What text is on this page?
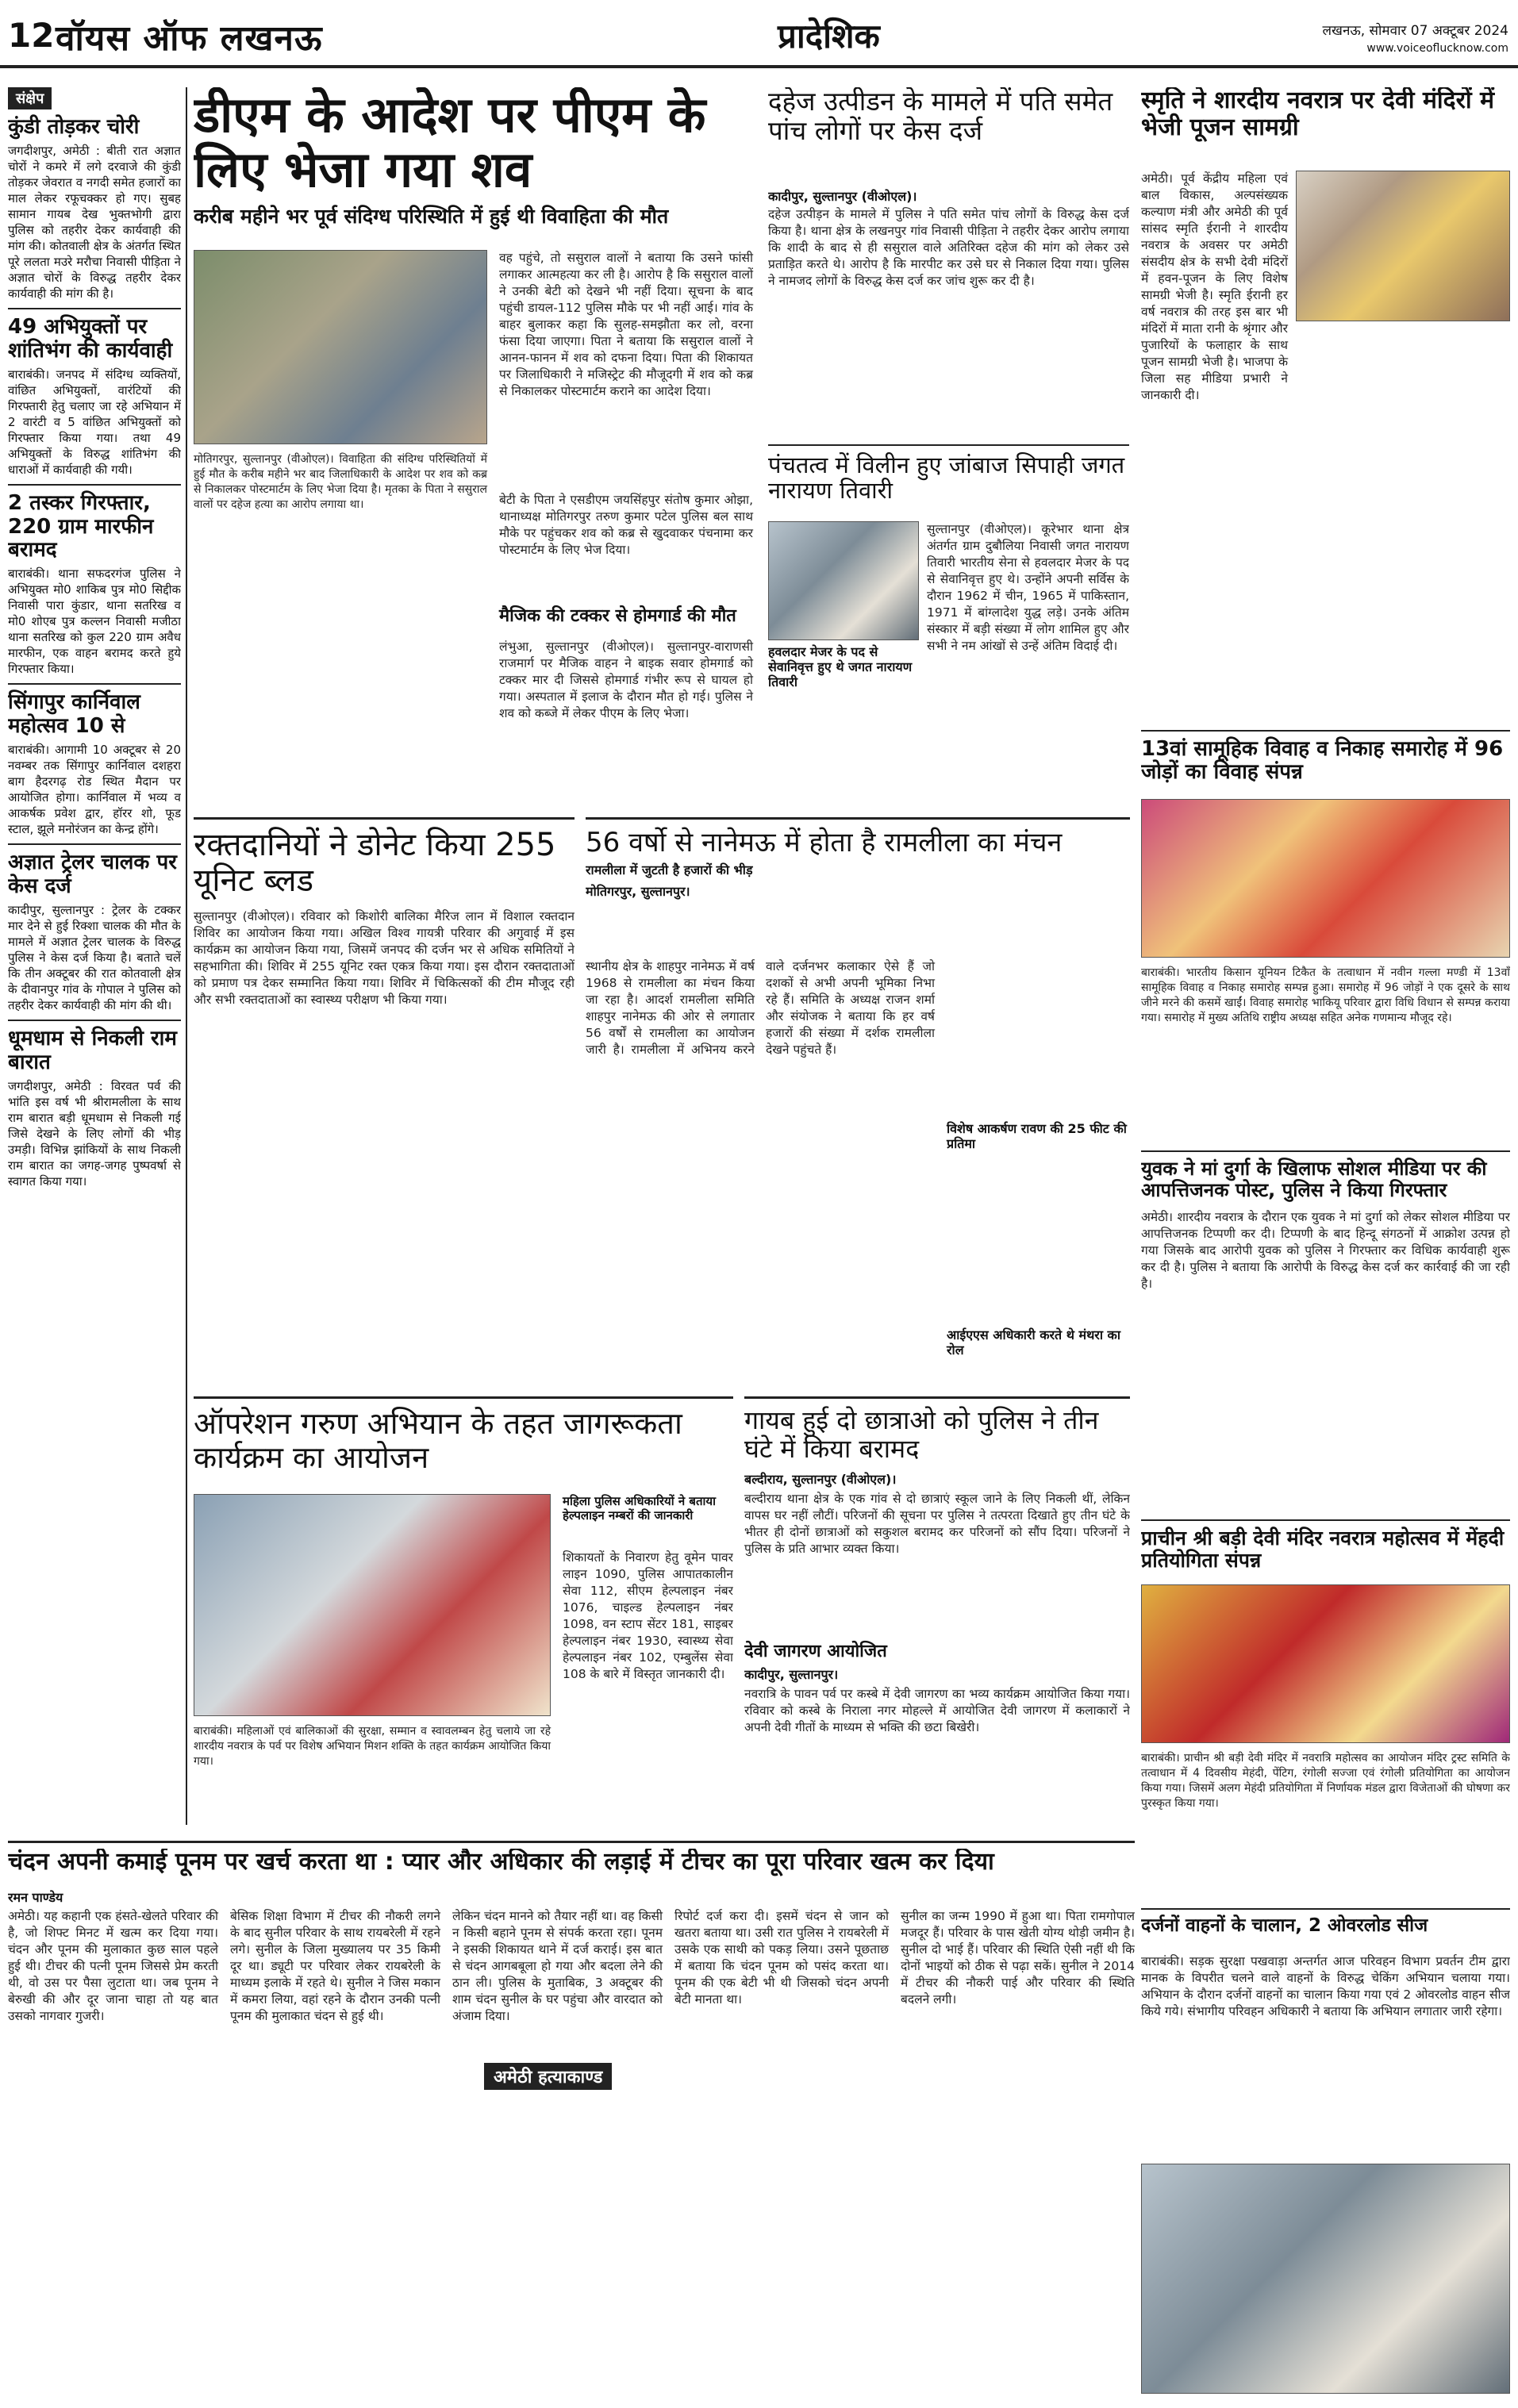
12 वॉयस ऑफ लखनऊ	प्रादेशिक	लखनऊ, सोमवार 07 अक्टूबर 2024
www.voiceoflucknow.com
संक्षेप
कुंडी तोड़कर चोरी
जगदीशपुर, अमेठी : बीती रात अज्ञात चोरों ने कमरे में लगे दरवाजे की कुंडी तोड़कर जेवरात व नगदी समेत हजारों का माल लेकर रफूचक्कर हो गए। सुबह सामान गायब देख भुक्तभोगी द्वारा पुलिस को तहरीर देकर कार्यवाही की मांग की। कोतवाली क्षेत्र के अंतर्गत स्थित पूरे ललता मउरे मरौचा निवासी पीड़िता ने अज्ञात चोरों के विरुद्ध तहरीर देकर कार्यवाही की मांग की है।
49 अभियुक्तों पर शांतिभंग की कार्यवाही
बाराबंकी। जनपद में संदिग्ध व्यक्तियों, वांछित अभियुक्तों, वारंटियों की गिरफ्तारी हेतु चलाए जा रहे अभियान में 2 वारंटी व 5 वांछित अभियुक्तों को गिरफ्तार किया गया। तथा 49 अभियुक्तों के विरुद्ध शांतिभंग की धाराओं में कार्यवाही की गयी।
2 तस्कर गिरफ्तार, 220 ग्राम मारफीन बरामद
बाराबंकी। थाना सफदरगंज पुलिस ने अभियुक्त मो0 शाकिब पुत्र मो0 सिद्दीक निवासी पारा कुंडार, थाना सतरिख व मो0 शोएब पुत्र कल्लन निवासी मजीठा थाना सतरिख को कुल 220 ग्राम अवैध मारफीन, एक वाहन बरामद करते हुये गिरफ्तार किया।
सिंगापुर कार्निवाल महोत्सव 10 से
बाराबंकी। आगामी 10 अक्टूबर से 20 नवम्बर तक सिंगापुर कार्निवाल दशहरा बाग हैदरगढ़ रोड स्थित मैदान पर आयोजित होगा। कार्निवाल में भव्य व आकर्षक प्रवेश द्वार, हॉरर शो, फूड स्टाल, झूले मनोरंजन का केन्द्र होंगे।
अज्ञात ट्रेलर चालक पर केस दर्ज
कादीपुर, सुल्तानपुर : ट्रेलर के टक्कर मार देने से हुई रिक्शा चालक की मौत के मामले में अज्ञात ट्रेलर चालक के विरुद्ध पुलिस ने केस दर्ज किया है। बताते चलें कि तीन अक्टूबर की रात कोतवाली क्षेत्र के दीवानपुर गांव के गोपाल ने पुलिस को तहरीर देकर कार्यवाही की मांग की थी।
धूमधाम से निकली राम बारात
जगदीशपुर, अमेठी : विरवत पर्व की भांति इस वर्ष भी श्रीरामलीला के साथ राम बारात बड़ी धूमधाम से निकली गई जिसे देखने के लिए लोगों की भीड़ उमड़ी। विभिन्न झांकियों के साथ निकली राम बारात का जगह-जगह पुष्पवर्षा से स्वागत किया गया।
डीएम के आदेश पर पीएम के लिए भेजा गया शव
करीब महीने भर पूर्व संदिग्ध परिस्थिति में हुई थी विवाहिता की मौत
मोतिगरपुर, सुल्तानपुर (वीओएल)। विवाहिता की संदिग्ध परिस्थितियों में हुई मौत के करीब महीने भर बाद जिलाधिकारी के आदेश पर शव को कब्र से निकालकर पोस्टमार्टम के लिए भेजा दिया है। मृतका के पिता ने ससुराल वालों पर दहेज हत्या का आरोप लगाया था।
वह पहुंचे, तो ससुराल वालों ने बताया कि उसने फांसी लगाकर आत्महत्या कर ली है। आरोप है कि ससुराल वालों ने उनकी बेटी को देखने भी नहीं दिया। सूचना के बाद पहुंची डायल-112 पुलिस मौके पर भी नहीं आई। गांव के बाहर बुलाकर कहा कि सुलह-समझौता कर लो, वरना फंसा दिया जाएगा। पिता ने बताया कि ससुराल वालों ने आनन-फानन में शव को दफना दिया। पिता की शिकायत पर जिलाधिकारी ने मजिस्ट्रेट की मौजूदगी में शव को कब्र से निकालकर पोस्टमार्टम कराने का आदेश दिया।
बेटी के पिता ने एसडीएम जयसिंहपुर संतोष कुमार ओझा, थानाध्यक्ष मोतिगरपुर तरुण कुमार पटेल पुलिस बल साथ मौके पर पहुंचकर शव को कब्र से खुदवाकर पंचनामा कर पोस्टमार्टम के लिए भेज दिया।
मैजिक की टक्कर से होमगार्ड की मौत
लंभुआ, सुल्तानपुर (वीओएल)। सुल्तानपुर-वाराणसी राजमार्ग पर मैजिक वाहन ने बाइक सवार होमगार्ड को टक्कर मार दी जिससे होमगार्ड गंभीर रूप से घायल हो गया। अस्पताल में इलाज के दौरान मौत हो गई। पुलिस ने शव को कब्जे में लेकर पीएम के लिए भेजा।
दहेज उत्पीडन के मामले में पति समेत पांच लोगों पर केस दर्ज
कादीपुर, सुल्तानपुर (वीओएल)।
दहेज उत्पीड़न के मामले में पुलिस ने पति समेत पांच लोगों के विरुद्ध केस दर्ज किया है। थाना क्षेत्र के लखनपुर गांव निवासी पीड़िता ने तहरीर देकर आरोप लगाया कि शादी के बाद से ही ससुराल वाले अतिरिक्त दहेज की मांग को लेकर उसे प्रताड़ित करते थे। आरोप है कि मारपीट कर उसे घर से निकाल दिया गया। पुलिस ने नामजद लोगों के विरुद्ध केस दर्ज कर जांच शुरू कर दी है।
पंचतत्व में विलीन हुए जांबाज सिपाही जगत नारायण तिवारी
हवलदार मेजर के पद से सेवानिवृत्त हुए थे जगत नारायण तिवारी
सुल्तानपुर (वीओएल)। कूरेभार थाना क्षेत्र अंतर्गत ग्राम दुबौलिया निवासी जगत नारायण तिवारी भारतीय सेना से हवलदार मेजर के पद से सेवानिवृत्त हुए थे। उन्होंने अपनी सर्विस के दौरान 1962 में चीन, 1965 में पाकिस्तान, 1971 में बांग्लादेश युद्ध लड़े। उनके अंतिम संस्कार में बड़ी संख्या में लोग शामिल हुए और सभी ने नम आंखों से उन्हें अंतिम विदाई दी।
रक्तदानियों ने डोनेट किया 255 यूनिट ब्लड
सुल्तानपुर (वीओएल)। रविवार को किशोरी बालिका मैरिज लान में विशाल रक्तदान शिविर का आयोजन किया गया। अखिल विश्व गायत्री परिवार की अगुवाई में इस कार्यक्रम का आयोजन किया गया, जिसमें जनपद की दर्जन भर से अधिक समितियों ने सहभागिता की। शिविर में 255 यूनिट रक्त एकत्र किया गया। इस दौरान रक्तदाताओं को प्रमाण पत्र देकर सम्मानित किया गया। शिविर में चिकित्सकों की टीम मौजूद रही और सभी रक्तदाताओं का स्वास्थ्य परीक्षण भी किया गया।
56 वर्षो से नानेमऊ में होता है रामलीला का मंचन
रामलीला में जुटती है हजारों की भीड़
मोतिगरपुर, सुल्तानपुर।
स्थानीय क्षेत्र के शाहपुर नानेमऊ में वर्ष 1968 से रामलीला का मंचन किया जा रहा है। आदर्श रामलीला समिति शाहपुर नानेमऊ की ओर से लगातार 56 वर्षों से रामलीला का आयोजन जारी है। रामलीला में अभिनय करने वाले दर्जनभर कलाकार ऐसे हैं जो दशकों से अभी अपनी भूमिका निभा रहे हैं। समिति के अध्यक्ष राजन शर्मा और संयोजक ने बताया कि हर वर्ष हजारों की संख्या में दर्शक रामलीला देखने पहुंचते हैं।
विशेष आकर्षण रावण की 25 फीट की प्रतिमा
आईएएस अधिकारी करते थे मंथरा का रोल
स्मृति ने शारदीय नवरात्र पर देवी मंदिरों में भेजी पूजन सामग्री
अमेठी। पूर्व केंद्रीय महिला एवं बाल विकास, अल्पसंख्यक कल्याण मंत्री और अमेठी की पूर्व सांसद स्मृति ईरानी ने शारदीय नवरात्र के अवसर पर अमेठी संसदीय क्षेत्र के सभी देवी मंदिरों में हवन-पूजन के लिए विशेष सामग्री भेजी है। स्मृति ईरानी हर वर्ष नवरात्र की तरह इस बार भी मंदिरों में माता रानी के श्रृंगार और पुजारियों के फलाहार के साथ पूजन सामग्री भेजी है। भाजपा के जिला सह मीडिया प्रभारी ने जानकारी दी।
13वां सामूहिक विवाह व निकाह समारोह में 96 जोड़ों का विवाह संपन्न
बाराबंकी। भारतीय किसान यूनियन टिकैत के तत्वाधान में नवीन गल्ला मण्डी में 13वाँ सामूहिक विवाह व निकाह समारोह सम्पन्न हुआ। समारोह में 96 जोड़ों ने एक दूसरे के साथ जीने मरने की कसमें खाईं। विवाह समारोह भाकियू परिवार द्वारा विधि विधान से सम्पन्न कराया गया। समारोह में मुख्य अतिथि राष्ट्रीय अध्यक्ष सहित अनेक गणमान्य मौजूद रहे।
युवक ने मां दुर्गा के खिलाफ सोशल मीडिया पर की आपत्तिजनक पोस्ट, पुलिस ने किया गिरफ्तार
अमेठी। शारदीय नवरात्र के दौरान एक युवक ने मां दुर्गा को लेकर सोशल मीडिया पर आपत्तिजनक टिप्पणी कर दी। टिप्पणी के बाद हिन्दू संगठनों में आक्रोश उत्पन्न हो गया जिसके बाद आरोपी युवक को पुलिस ने गिरफ्तार कर विधिक कार्यवाही शुरू कर दी है। पुलिस ने बताया कि आरोपी के विरुद्ध केस दर्ज कर कार्रवाई की जा रही है।
प्राचीन श्री बड़ी देवी मंदिर नवरात्र महोत्सव में मेंहदी प्रतियोगिता संपन्न
बाराबंकी। प्राचीन श्री बड़ी देवी मंदिर में नवरात्रि महोत्सव का आयोजन मंदिर ट्रस्ट समिति के तत्वाधान में 4 दिवसीय मेहंदी, पेंटिग, रंगोली सज्जा एवं रंगोली प्रतियोगिता का आयोजन किया गया। जिसमें अलग मेहंदी प्रतियोगिता में निर्णायक मंडल द्वारा विजेताओं की घोषणा कर पुरस्कृत किया गया।
ऑपरेशन गरुण अभियान के तहत जागरूकता कार्यक्रम का आयोजन
बाराबंकी। महिलाओं एवं बालिकाओं की सुरक्षा, सम्मान व स्वावलम्बन हेतु चलाये जा रहे शारदीय नवरात्र के पर्व पर विशेष अभियान मिशन शक्ति के तहत कार्यक्रम आयोजित किया गया।
महिला पुलिस अधिकारियों ने बताया हेल्पलाइन नम्बरों की जानकारी
शिकायतों के निवारण हेतु वूमेन पावर लाइन 1090, पुलिस आपातकालीन सेवा 112, सीएम हेल्पलाइन नंबर 1076, चाइल्ड हेल्पलाइन नंबर 1098, वन स्टाप सेंटर 181, साइबर हेल्पलाइन नंबर 1930, स्वास्थ्य सेवा हेल्पलाइन नंबर 102, एम्बुलेंस सेवा 108 के बारे में विस्तृत जानकारी दी।
गायब हुई दो छात्राओ को पुलिस ने तीन घंटे में किया बरामद
बल्दीराय, सुल्तानपुर (वीओएल)।
बल्दीराय थाना क्षेत्र के एक गांव से दो छात्राएं स्कूल जाने के लिए निकली थीं, लेकिन वापस घर नहीं लौटीं। परिजनों की सूचना पर पुलिस ने तत्परता दिखाते हुए तीन घंटे के भीतर ही दोनों छात्राओं को सकुशल बरामद कर परिजनों को सौंप दिया। परिजनों ने पुलिस के प्रति आभार व्यक्त किया।
देवी जागरण आयोजित
कादीपुर, सुल्तानपुर।
नवरात्रि के पावन पर्व पर कस्बे में देवी जागरण का भव्य कार्यक्रम आयोजित किया गया। रविवार को कस्बे के निराला नगर मोहल्ले में आयोजित देवी जागरण में कलाकारों ने अपनी देवी गीतों के माध्यम से भक्ति की छटा बिखेरी।
चंदन अपनी कमाई पूनम पर खर्च करता था : प्यार और अधिकार की लड़ाई में टीचर का पूरा परिवार खत्म कर दिया
रमन पाण्डेय
अमेठी। यह कहानी एक हंसते-खेलते परिवार की है, जो शिफ्ट मिनट में खत्म कर दिया गया। चंदन और पूनम की मुलाकात कुछ साल पहले हुई थी। टीचर की पत्नी पूनम जिससे प्रेम करती थी, वो उस पर पैसा लुटाता था। जब पूनम ने बेरुखी की और दूर जाना चाहा तो यह बात उसको नागवार गुजरी।
बेसिक शिक्षा विभाग में टीचर की नौकरी लगने के बाद सुनील परिवार के साथ रायबरेली में रहने लगे। सुनील के जिला मुख्यालय पर 35 किमी दूर था। ड्यूटी पर परिवार लेकर रायबरेली के माध्यम इलाके में रहते थे। सुनील ने जिस मकान में कमरा लिया, वहां रहने के दौरान उनकी पत्नी पूनम की मुलाकात चंदन से हुई थी।
लेकिन चंदन मानने को तैयार नहीं था। वह किसी न किसी बहाने पूनम से संपर्क करता रहा। पूनम ने इसकी शिकायत थाने में दर्ज कराई। इस बात से चंदन आगबबूला हो गया और बदला लेने की ठान ली। पुलिस के मुताबिक, 3 अक्टूबर की शाम चंदन सुनील के घर पहुंचा और वारदात को अंजाम दिया।
अमेठी हत्याकाण्ड
रिपोर्ट दर्ज करा दी। इसमें चंदन से जान को खतरा बताया था। उसी रात पुलिस ने रायबरेली में उसके एक साथी को पकड़ लिया। उसने पूछताछ में बताया कि चंदन पूनम को पसंद करता था। पूनम की एक बेटी भी थी जिसको चंदन अपनी बेटी मानता था।
सुनील का जन्म 1990 में हुआ था। पिता रामगोपाल मजदूर हैं। परिवार के पास खेती योग्य थोड़ी जमीन है। सुनील दो भाई हैं। परिवार की स्थिति ऐसी नहीं थी कि दोनों भाइयों को ठीक से पढ़ा सकें। सुनील ने 2014 में टीचर की नौकरी पाई और परिवार की स्थिति बदलने लगी।
दर्जनों वाहनों के चालान, 2 ओवरलोड सीज
बाराबंकी। सड़क सुरक्षा पखवाड़ा अन्तर्गत आज परिवहन विभाग प्रवर्तन टीम द्वारा मानक के विपरीत चलने वाले वाहनों के विरुद्ध चेकिंग अभियान चलाया गया। अभियान के दौरान दर्जनों वाहनों का चालान किया गया एवं 2 ओवरलोड वाहन सीज किये गये। संभागीय परिवहन अधिकारी ने बताया कि अभियान लगातार जारी रहेगा।
